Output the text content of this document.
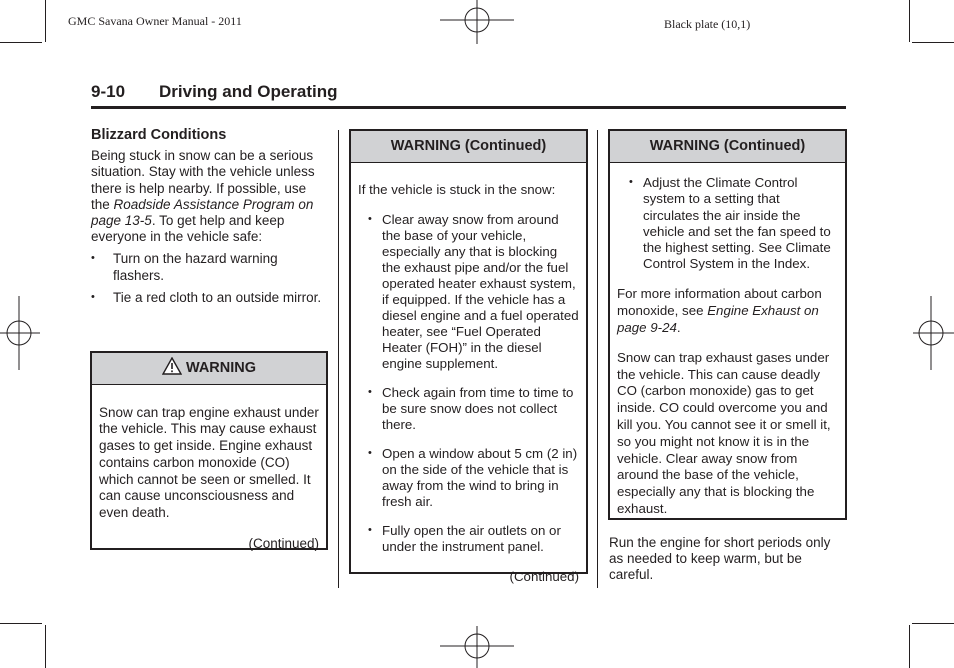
GMC Savana Owner Manual - 2011	Black plate (10,1)
9-10 Driving and Operating

Blizzard Conditions

Being stuck in snow can be a serious situation. Stay with the vehicle unless there is help nearby. If possible, use the Roadside Assistance Program on page 13-5. To get help and keep everyone in the vehicle safe:

• Turn on the hazard warning flashers.

• Tie a red cloth to an outside mirror.

WARNING

Snow can trap engine exhaust under the vehicle. This may cause exhaust gases to get inside. Engine exhaust contains carbon monoxide (CO) which cannot be seen or smelled. It can cause unconsciousness and even death.

(Continued)

WARNING (Continued)

If the vehicle is stuck in the snow:

• Clear away snow from around the base of your vehicle, especially any that is blocking the exhaust pipe and/or the fuel operated heater exhaust system, if equipped. If the vehicle has a diesel engine and a fuel operated heater, see “Fuel Operated Heater (FOH)” in the diesel engine supplement.

• Check again from time to time to be sure snow does not collect there.

• Open a window about 5 cm (2 in) on the side of the vehicle that is away from the wind to bring in fresh air.

• Fully open the air outlets on or under the instrument panel.

(Continued)

WARNING (Continued)

• Adjust the Climate Control system to a setting that circulates the air inside the vehicle and set the fan speed to the highest setting. See Climate Control System in the Index.

For more information about carbon monoxide, see Engine Exhaust on page 9-24.

Snow can trap exhaust gases under the vehicle. This can cause deadly CO (carbon monoxide) gas to get inside. CO could overcome you and kill you. You cannot see it or smell it, so you might not know it is in the vehicle. Clear away snow from around the base of the vehicle, especially any that is blocking the exhaust.

Run the engine for short periods only as needed to keep warm, but be careful.
